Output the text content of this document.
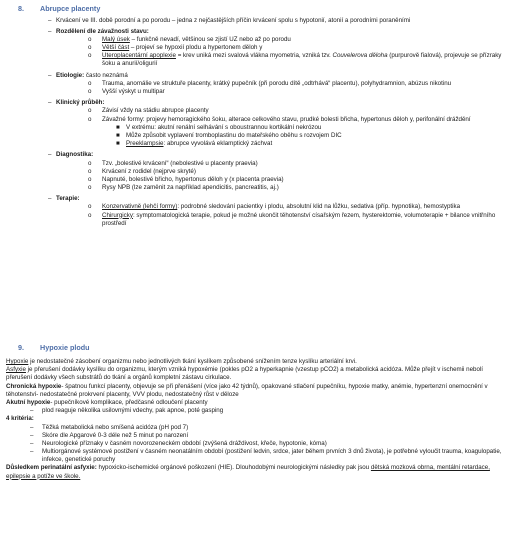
8. Abrupce placenty
– Krvácení ve III. době porodní a po porodu – jedna z nejčastějších příčin krvácení spolu s hypotonií, atonií a porodními poraněními
– Rozdělení dle závažnosti stavu:
o Malý úsek – funkčně nevadí, většinou se zjistí UZ nebo až po porodu
o Větší část – projeví se hypoxií plodu a hypertonem děloh y
o Uteroplacentární apoplexie = krev uniká mezi svalová vlákna myometria, vzniká tzv. Couvelerova děloha (purpurově fialová), projevuje se přízraky šoku a anurií/oligurií
– Etiologie: často neznámá
o Trauma, anomálie ve struktuře placenty, krátký pupečník (při porodu dítě „odtrhává“ placentu), polyhydramnion, abúzus nikotinu
o Vyšší výskyt u multipar
– Klinický průběh:
o Závisí vždy na stádiu abrupce placenty
o Závažné formy: projevy hemoragického šoku, alterace celkového stavu, prudké bolesti břicha, hypertonus děloh y, perifonální dráždění
■ V extrému: akutní renální selhávání s oboustrannou kortikální nekrózou
■ Může způsobit vyplavení tromboplastinu do mateřského oběhu s rozvojem DIC
■ Preeklampsie: abrupce vyvolává eklamptický záchvat
– Diagnostika:
o Tzv. „bolestivé krvácení“ (nebolestivé u placenty praevia)
o Krvácení z rodidel (nejprve skryté)
o Napnuté, bolestivé břicho, hypertonus děloh y (x placenta praevia)
o Rysy NPB (lze zaměnit za například apendicitis, pancreatitis, aj.)
– Terapie:
o Konzervativně (lehčí formy): podrobné sledování pacientky i plodu, absolutní klid na lůžku, sedativa (příp. hypnotika), hemostyptika
o Chirurgicky: symptomatologická terapie, pokud je možné ukončit těhotenství císařským řezem, hysterektomie, volumoterapie + bilance vnitřního prostředí
9. Hypoxie plodu

Hypoxie je nedostatečné zásobení organizmu nebo jednotlivých tkání kyslíkem způsobené snížením tenze kyslíku arteriální krvi.

Asfyxie je přerušení dodávky kyslíku do organizmu, kterým vzniká hypoxémie (pokles pO2 a hyperkapnie (vzestup pCO2) a metabolická acidóza. Může přejít v ischemii nebolí přerušení dodávky všech substrátů do tkání a orgánů kompletní zástavu cirkulace.

Chronická hypoxie- špatnou funkcí placenty, objevuje se při přenášení (více jako 42 týdnů), opakované stlačení pupečníku, hypoxie matky, anémie, hypertenzní onemocnění v těhotenství- nedostatečné prokrvení placenty, VVV plodu, nedostatečný růst v děloze

Akutní hypoxie- pupečníkové komplikace, předčasné odloučení placenty

– plod reaguje několika usilovnými vdechy, pak apnoe, poté gasping

4 kritéria:

– Těžká metabolická nebo smíšená acidóza (pH pod 7)
– Skóre dle Apgarové 0-3 déle než 5 minut po narození
– Neurologické příznaky v časném novorozeneckém období (zvýšená dráždivost, křeče, hypotonie, kóma)
– Multiorgánové systémové postižení v časném neonatálním období (postižení ledvin, srdce, jater během prvních 3 dnů života), je potřebné vyloučit trauma, koagulopatie, infekce, genetické poruchy

Důsledkem perinatální asfyxie: hypoxicko-ischemické orgánové poškození (HIE). Dlouhodobými neurologickými následky pak jsou dětská mozková obrna, mentální retardace, epilepsie a potíže ve škole.
